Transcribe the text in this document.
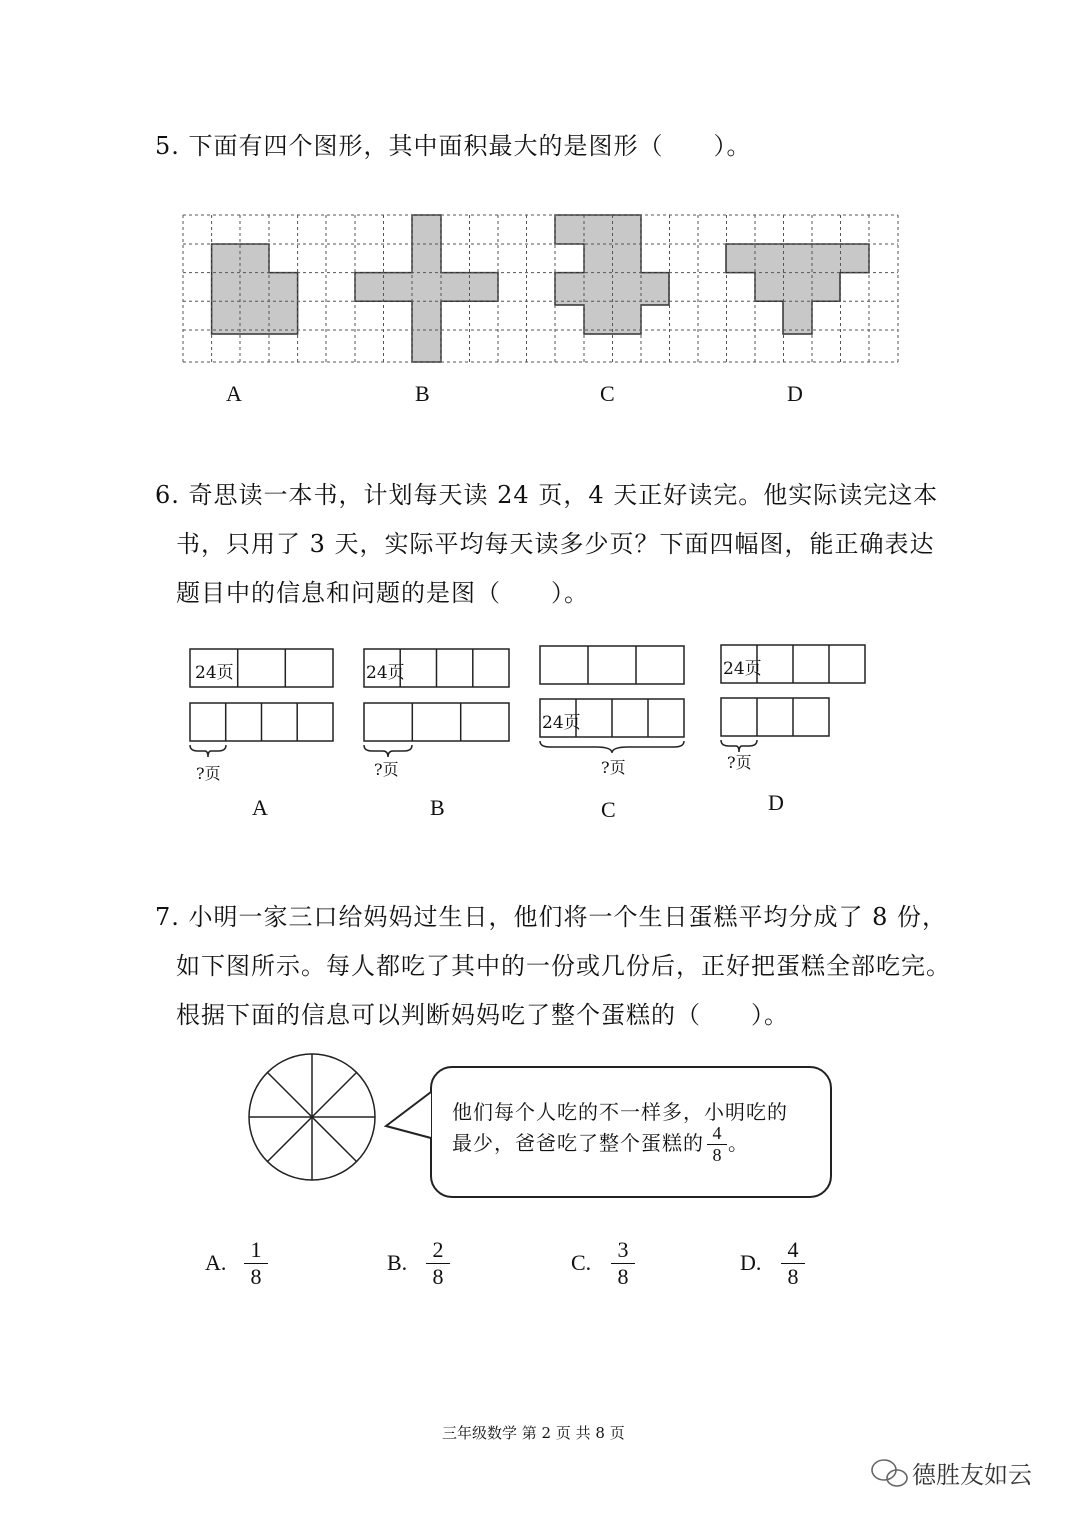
5. 下面有四个图形，其中面积最大的是图形（　　）。
A	B	C	D
6. 奇思读一本书，计划每天读 24 页，4 天正好读完。他实际读完这本
书，只用了 3 天，实际平均每天读多少页？下面四幅图，能正确表达
题目中的信息和问题的是图（　　）。
24页	24页
24页
24页
?页	?页	?页	?页
A	B	C	D
7. 小明一家三口给妈妈过生日，他们将一个生日蛋糕平均分成了 8 份，
如下图所示。每人都吃了其中的一份或几份后，正好把蛋糕全部吃完。
根据下面的信息可以判断妈妈吃了整个蛋糕的（　　）。
他们每个人吃的不一样多，小明吃的
最少，爸爸吃了整个蛋糕的 4
8 。
A.
1
8
B.
2
8
C.
3
8
D.
4
8
三年级数学 第 2 页 共 8 页
德胜友如云
